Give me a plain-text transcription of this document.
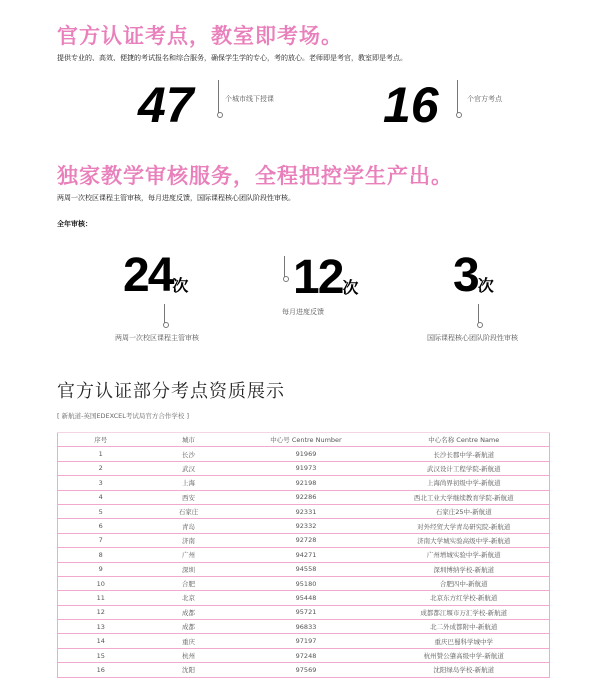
官方认证考点，教室即考场。
提供专业的、高效、便捷的考试报名和综合服务，确保学生学的专心，考的放心。老师即是考官，教室即是考点。
47	个城市线下授课 16	个官方考点
独家教学审核服务，全程把控学生产出。
两周一次校区课程主管审核，每月进度反馈，国际课程核心团队阶段性审核。
全年审核：
24次
两周一次校区课程主管审核
12次
每月进度反馈
3次
国际课程核心团队阶段性审核
官方认证部分考点资质展示
[ 新航道-英国EDEXCEL考试局官方合作学校 ]
序号	城市	中心号 Centre Number	中心名称 Centre Name
1	长沙	91969	长沙长郡中学-新航道
2	武汉	91973	武汉设计工程学院-新航道
3	上海	92198	上海尚界初级中学-新航道
4	西安	92286	西北工业大学继续教育学院-新航道
5	石家庄	92331	石家庄25中-新航道
6	青岛	92332	对外经贸大学青岛研究院-新航道
7	济南	92728	济南大学城实验高级中学-新航道
8	广州	94271	广州增城实验中学-新航道
9	深圳	94558	深圳博纳学校-新航道
10	合肥	95180	合肥四中-新航道
11	北京	95448	北京东方红学校-新航道
12	成都	95721	成都都江堰市万汇学校-新航道
13	成都	96833	北二外成都附中-新航道
14	重庆	97197	重庆巴蜀科学城中学
15	杭州	97248	杭州赞公肇高级中学-新航道
16	沈阳	97569	沈阳绿岛学校-新航道
